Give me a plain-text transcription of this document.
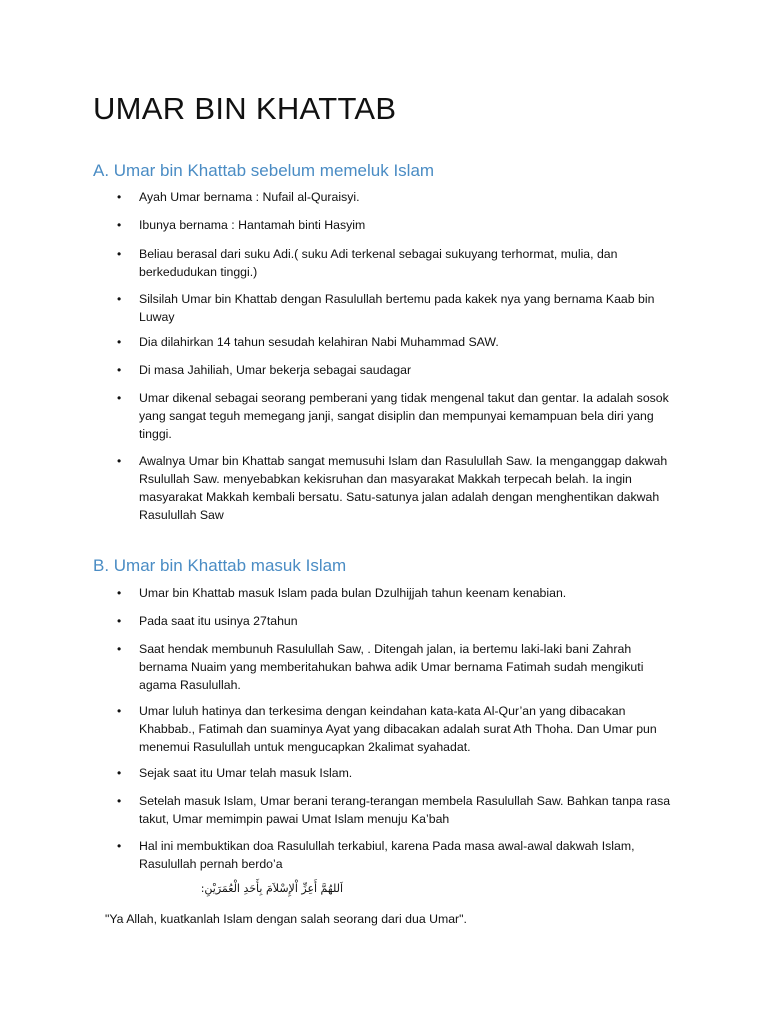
UMAR BIN KHATTAB
A. Umar bin Khattab sebelum memeluk Islam
•	Ayah Umar bernama : Nufail al-Quraisyi.
•	Ibunya bernama : Hantamah binti Hasyim
•	Beliau berasal dari suku Adi.( suku Adi terkenal sebagai sukuyang terhormat, mulia, dan berkedudukan tinggi.)
•	Silsilah Umar bin Khattab dengan Rasulullah bertemu pada kakek nya yang bernama Kaab bin Luway
•	Dia dilahirkan 14 tahun sesudah kelahiran Nabi Muhammad SAW.
•	Di masa Jahiliah, Umar bekerja sebagai saudagar
•	Umar dikenal sebagai seorang pemberani yang tidak mengenal takut dan gentar. Ia adalah sosok yang sangat teguh memegang janji, sangat disiplin dan mempunyai kemampuan bela diri yang tinggi.
•	Awalnya Umar bin Khattab sangat memusuhi Islam dan Rasulullah Saw. Ia menganggap dakwah Rsulullah Saw. menyebabkan kekisruhan dan masyarakat Makkah terpecah belah. Ia ingin masyarakat Makkah kembali bersatu. Satu-satunya jalan adalah dengan menghentikan dakwah Rasulullah Saw
B. Umar bin Khattab masuk Islam
•	Umar bin Khattab masuk Islam pada bulan Dzulhijjah tahun keenam kenabian.
•	Pada saat itu usinya 27tahun
•	Saat hendak membunuh Rasulullah Saw, . Ditengah jalan, ia bertemu laki-laki bani Zahrah bernama Nuaim yang memberitahukan bahwa adik Umar bernama Fatimah sudah mengikuti agama Rasulullah.
•	Umar luluh hatinya dan terkesima dengan keindahan kata-kata Al-Qur’an yang dibacakan Khabbab., Fatimah dan suaminya Ayat yang dibacakan adalah surat Ath Thoha. Dan Umar pun menemui Rasulullah untuk mengucapkan 2kalimat syahadat.
•	Sejak saat itu Umar telah masuk Islam.
•	Setelah masuk Islam, Umar berani terang-terangan membela Rasulullah Saw. Bahkan tanpa rasa takut, Umar memimpin pawai Umat Islam menuju Ka’bah
•	Hal ini membuktikan doa Rasulullah terkabiul, karena Pada masa awal-awal dakwah Islam, Rasulullah pernah berdo’a
اَللهُمَّ أَعِزِّ اْلإِسْلاَمَ بِأَحَدِ الْعُمَرَيْنِ:
"Ya Allah, kuatkanlah Islam dengan salah seorang dari dua Umar".
